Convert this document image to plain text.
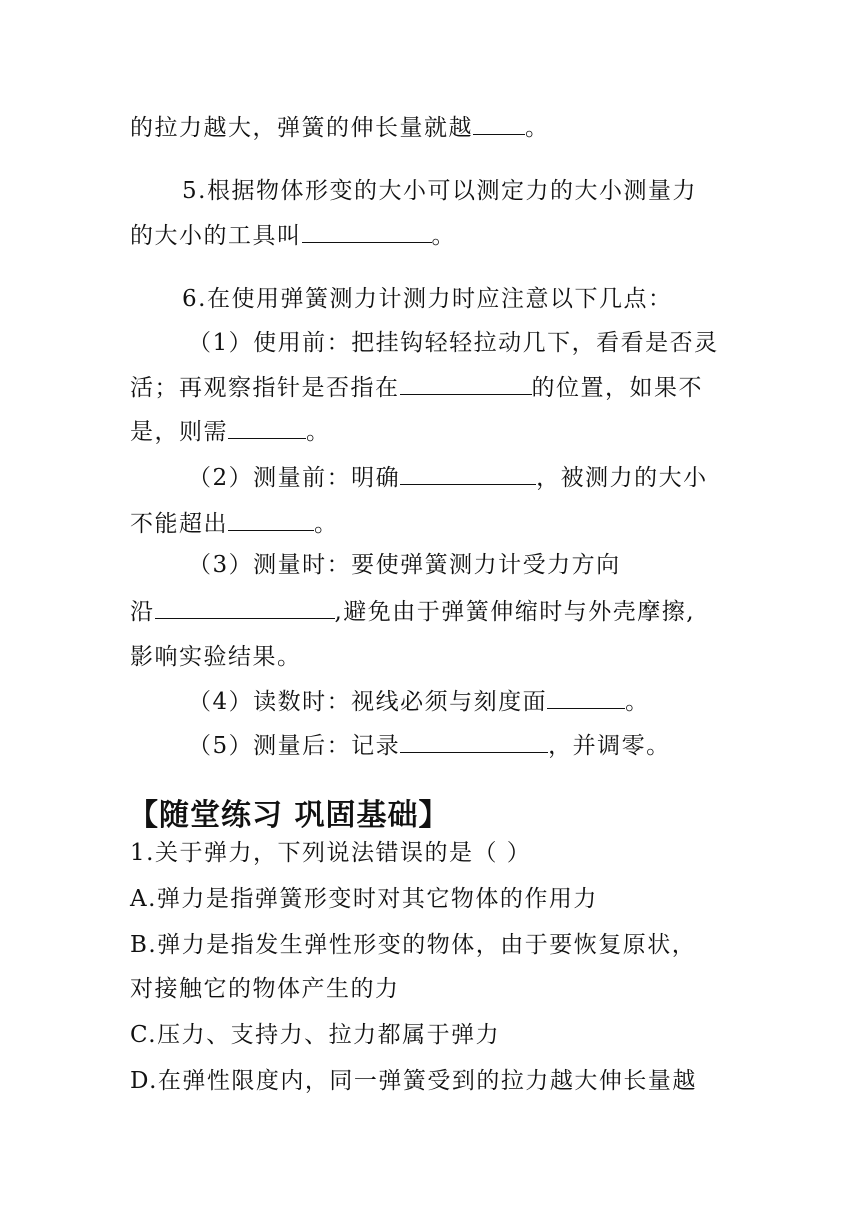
的拉力越大，弹簧的伸长量就越 。
5.根据物体形变的大小可以测定力的大小测量力
的大小的工具叫	。
6.在使用弹簧测力计测力时应注意以下几点：
（1）使用前：把挂钩轻轻拉动几下，看看是否灵
活；再观察指针是否指在	的位置，如果不
是，则需	。
（2）测量前：明确	，被测力的大小
不能超出	。
（3）测量时：要使弹簧测力计受力方向
沿	,避免由于弹簧伸缩时与外壳摩擦,
影响实验结果。
（4）读数时：视线必须与刻度面	。
（5）测量后：记录	，并调零。
【随堂练习 巩固基础】
1.关于弹力，下列说法错误的是（ ）
A.弹力是指弹簧形变时对其它物体的作用力
B.弹力是指发生弹性形变的物体，由于要恢复原状，
对接触它的物体产生的力
C.压力、支持力、拉力都属于弹力
D.在弹性限度内，同一弹簧受到的拉力越大伸长量越
